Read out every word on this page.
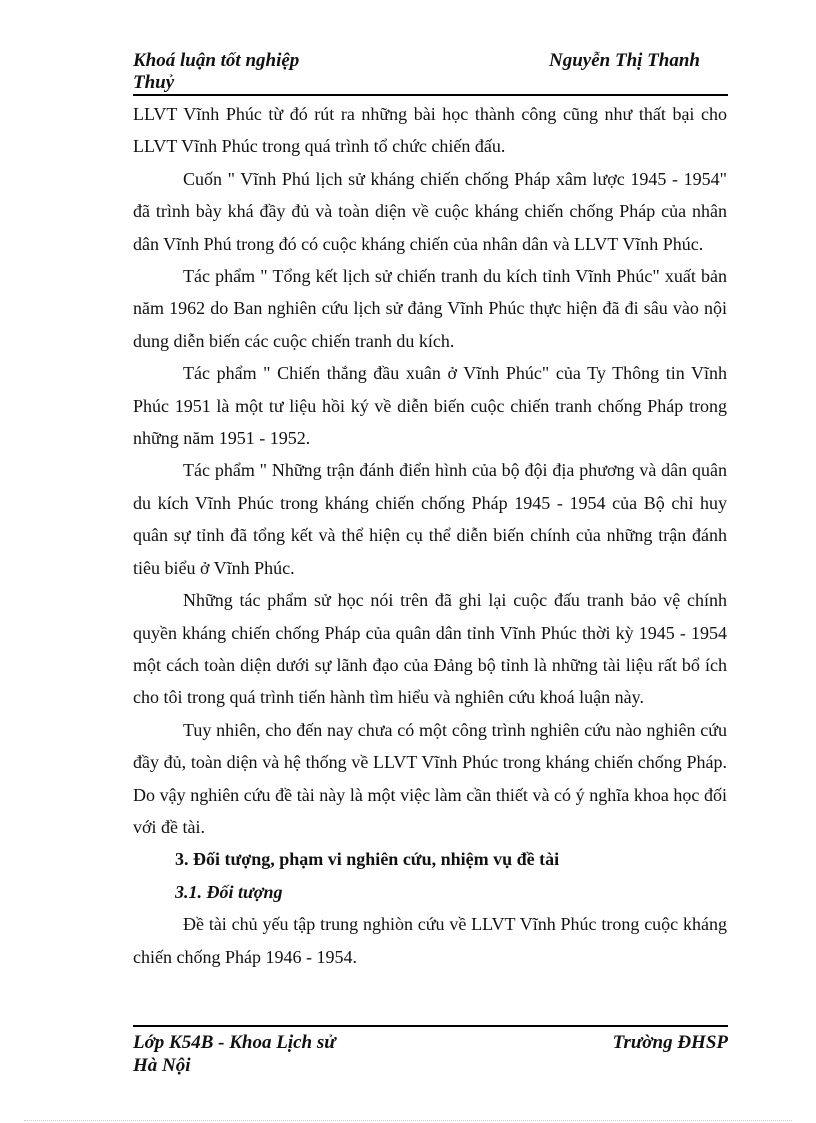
Khoá luận tốt nghiệp	Nguyễn Thị Thanh
Thuỷ

LLVT Vĩnh Phúc từ đó rút ra những bài học thành công cũng như thất bại cho LLVT Vĩnh Phúc trong quá trình tổ chức chiến đấu.

Cuốn " Vĩnh Phú lịch sử kháng chiến chống Pháp xâm lược 1945 - 1954" đã trình bày khá đầy đủ và toàn diện về cuộc kháng chiến chống Pháp của nhân dân Vĩnh Phú trong đó có cuộc kháng chiến của nhân dân và LLVT Vĩnh Phúc.

Tác phẩm " Tổng kết lịch sử chiến tranh du kích tỉnh Vĩnh Phúc" xuất bản năm 1962 do Ban nghiên cứu lịch sử đảng Vĩnh Phúc thực hiện đã đi sâu vào nội dung diễn biến các cuộc chiến tranh du kích.

Tác phẩm " Chiến thắng đầu xuân ở Vĩnh Phúc" của Ty Thông tin Vĩnh Phúc 1951 là một tư liệu hồi ký về diễn biến cuộc chiến tranh chống Pháp trong những năm 1951 - 1952.

Tác phẩm " Những trận đánh điển hình của bộ đội địa phương và dân quân du kích Vĩnh Phúc trong kháng chiến chống Pháp 1945 - 1954 của Bộ chỉ huy quân sự tỉnh đã tổng kết và thể hiện cụ thể diễn biến chính của những trận đánh tiêu biểu ở Vĩnh Phúc.

Những tác phẩm sử học nói trên đã ghi lại cuộc đấu tranh bảo vệ chính quyền kháng chiến chống Pháp của quân dân tỉnh Vĩnh Phúc thời kỳ 1945 - 1954 một cách toàn diện dưới sự lãnh đạo của Đảng bộ tỉnh là những tài liệu rất bổ ích cho tôi trong quá trình tiến hành tìm hiểu và nghiên cứu khoá luận này.

Tuy nhiên, cho đến nay chưa có một công trình nghiên cứu nào nghiên cứu đầy đủ, toàn diện và hệ thống về LLVT Vĩnh Phúc trong kháng chiến chống Pháp. Do vậy nghiên cứu đề tài này là một việc làm cần thiết và có ý nghĩa khoa học đối với đề tài.

3. Đối tượng, phạm vi nghiên cứu, nhiệm vụ đề tài
3.1. Đối tượng

Đề tài chủ yếu tập trung nghiòn cứu về LLVT Vĩnh Phúc trong cuộc kháng chiến chống Pháp 1946 - 1954.

Lớp K54B - Khoa Lịch sử	Trường ĐHSP
Hà Nội
